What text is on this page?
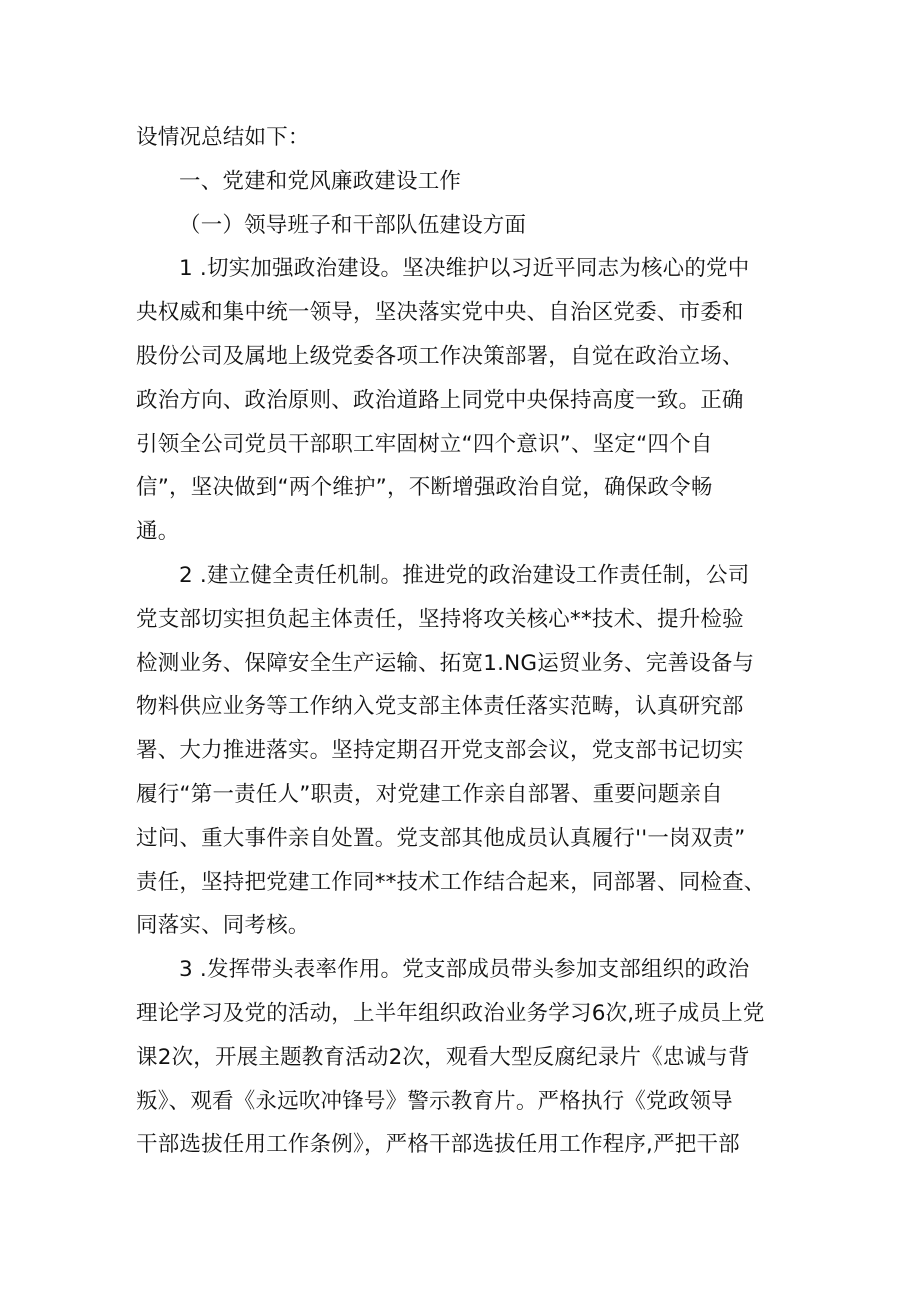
设情况总结如下：
一、党建和党风廉政建设工作
（一）领导班子和干部队伍建设方面
1 .切实加强政治建设。坚决维护以习近平同志为核心的党中
央权威和集中统一领导，坚决落实党中央、自治区党委、市委和
股份公司及属地上级党委各项工作决策部署，自觉在政治立场、
政治方向、政治原则、政治道路上同党中央保持高度一致。正确
引领全公司党员干部职工牢固树立“四个意识”、坚定“四个自
信”，坚决做到“两个维护”，不断增强政治自觉，确保政令畅
通。
2 .建立健全责任机制。推进党的政治建设工作责任制，公司
党支部切实担负起主体责任，坚持将攻关核心**技术、提升检验
检测业务、保障安全生产运输、拓宽1.NG运贸业务、完善设备与
物料供应业务等工作纳入党支部主体责任落实范畴，认真研究部
署、大力推进落实。坚持定期召开党支部会议，党支部书记切实
履行“第一责任人”职责，对党建工作亲自部署、重要问题亲自
过问、重大事件亲自处置。党支部其他成员认真履行''一岗双责”
责任，坚持把党建工作同**技术工作结合起来，同部署、同检查、
同落实、同考核。
3 .发挥带头表率作用。党支部成员带头参加支部组织的政治
理论学习及党的活动，上半年组织政治业务学习6次,班子成员上党
课2次，开展主题教育活动2次，观看大型反腐纪录片《忠诚与背
叛》、观看《永远吹冲锋号》警示教育片。严格执行《党政领导
干部选拔任用工作条例》，严格干部选拔任用工作程序,严把干部
